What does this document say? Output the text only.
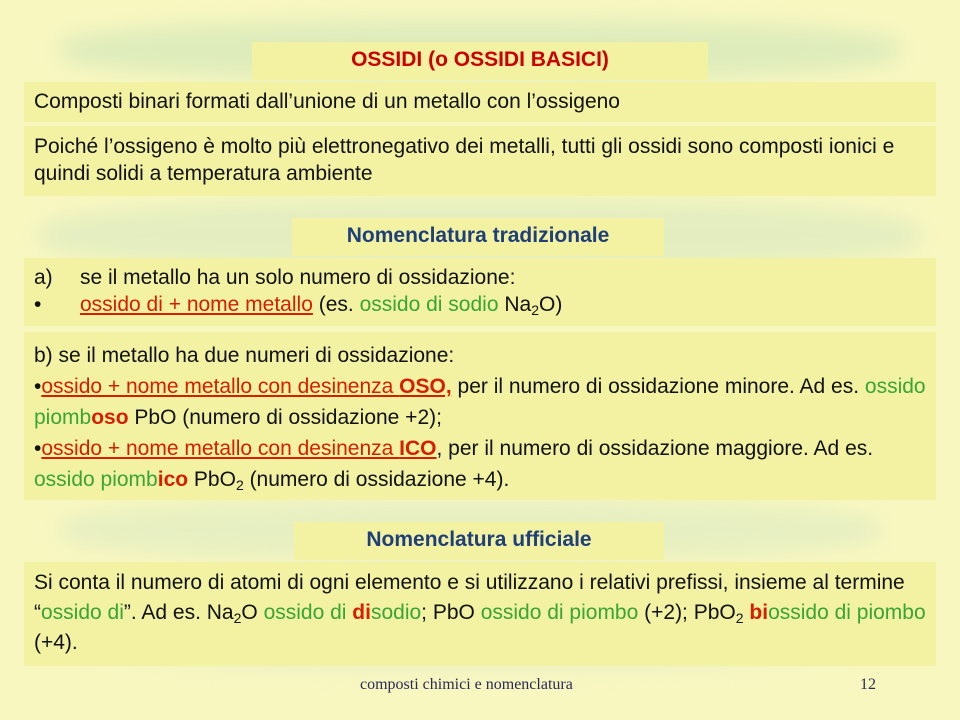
OSSIDI (o OSSIDI BASICI)
Composti binari formati dall’unione di un metallo con l’ossigeno
Poiché l’ossigeno è molto più elettronegativo dei metalli, tutti gli ossidi sono composti ionici e quindi solidi a temperatura ambiente
Nomenclatura tradizionale
a) se il metallo ha un solo numero di ossidazione:
• ossido di + nome metallo (es. ossido di sodio $Na_2O$)
b) se il metallo ha due numeri di ossidazione:
•ossido + nome metallo con desinenza OSO, per il numero di ossidazione minore. Ad es. ossido piomboso PbO (numero di ossidazione +2);
•ossido + nome metallo con desinenza ICO, per il numero di ossidazione maggiore. Ad es. ossido piombico PbO$_2$ (numero di ossidazione +4).
Nomenclatura ufficiale
Si conta il numero di atomi di ogni elemento e si utilizzano i relativi prefissi, insieme al termine “ossido di”. Ad es. $Na_2O$ ossido di disodio; PbO ossido di piombo (+2); PbO$_2$ biossido di piombo (+4).
composti chimici e nomenclatura	12
